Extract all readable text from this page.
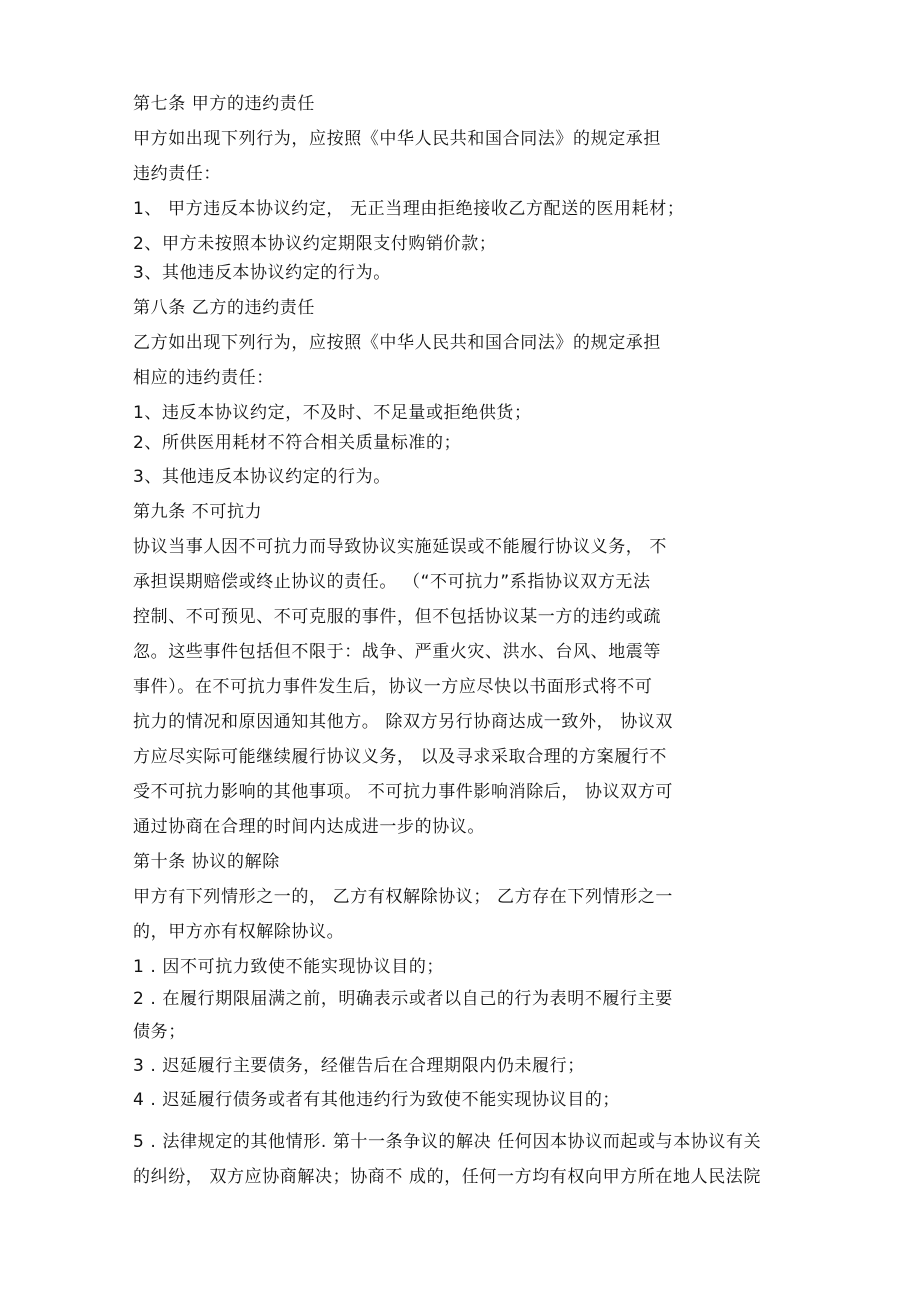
第七条 甲方的违约责任
甲方如出现下列行为，应按照《中华人民共和国合同法》的规定承担
违约责任：
1、 甲方违反本协议约定， 无正当理由拒绝接收乙方配送的医用耗材；
2、甲方未按照本协议约定期限支付购销价款；
3、其他违反本协议约定的行为。
第八条 乙方的违约责任
乙方如出现下列行为，应按照《中华人民共和国合同法》的规定承担
相应的违约责任：
1、违反本协议约定，不及时、不足量或拒绝供货；
2、所供医用耗材不符合相关质量标准的；
3、其他违反本协议约定的行为。
第九条 不可抗力
协议当事人因不可抗力而导致协议实施延误或不能履行协议义务， 不
承担误期赔偿或终止协议的责任。 （“不可抗力”系指协议双方无法
控制、不可预见、不可克服的事件，但不包括协议某一方的违约或疏
忽。这些事件包括但不限于：战争、严重火灾、洪水、台风、地震等
事件）。在不可抗力事件发生后，协议一方应尽快以书面形式将不可
抗力的情况和原因通知其他方。 除双方另行协商达成一致外， 协议双
方应尽实际可能继续履行协议义务， 以及寻求采取合理的方案履行不
受不可抗力影响的其他事项。 不可抗力事件影响消除后， 协议双方可
通过协商在合理的时间内达成进一步的协议。
第十条 协议的解除
甲方有下列情形之一的， 乙方有权解除协议； 乙方存在下列情形之一
的，甲方亦有权解除协议。
1 . 因不可抗力致使不能实现协议目的；
2 . 在履行期限届满之前，明确表示或者以自己的行为表明不履行主要
债务；
3 . 迟延履行主要债务，经催告后在合理期限内仍未履行；
4 . 迟延履行债务或者有其他违约行为致使不能实现协议目的；
5 . 法律规定的其他情形. 第十一条争议的解决 任何因本协议而起或与本协议有关
的纠纷， 双方应协商解决；协商不 成的，任何一方均有权向甲方所在地人民法院
